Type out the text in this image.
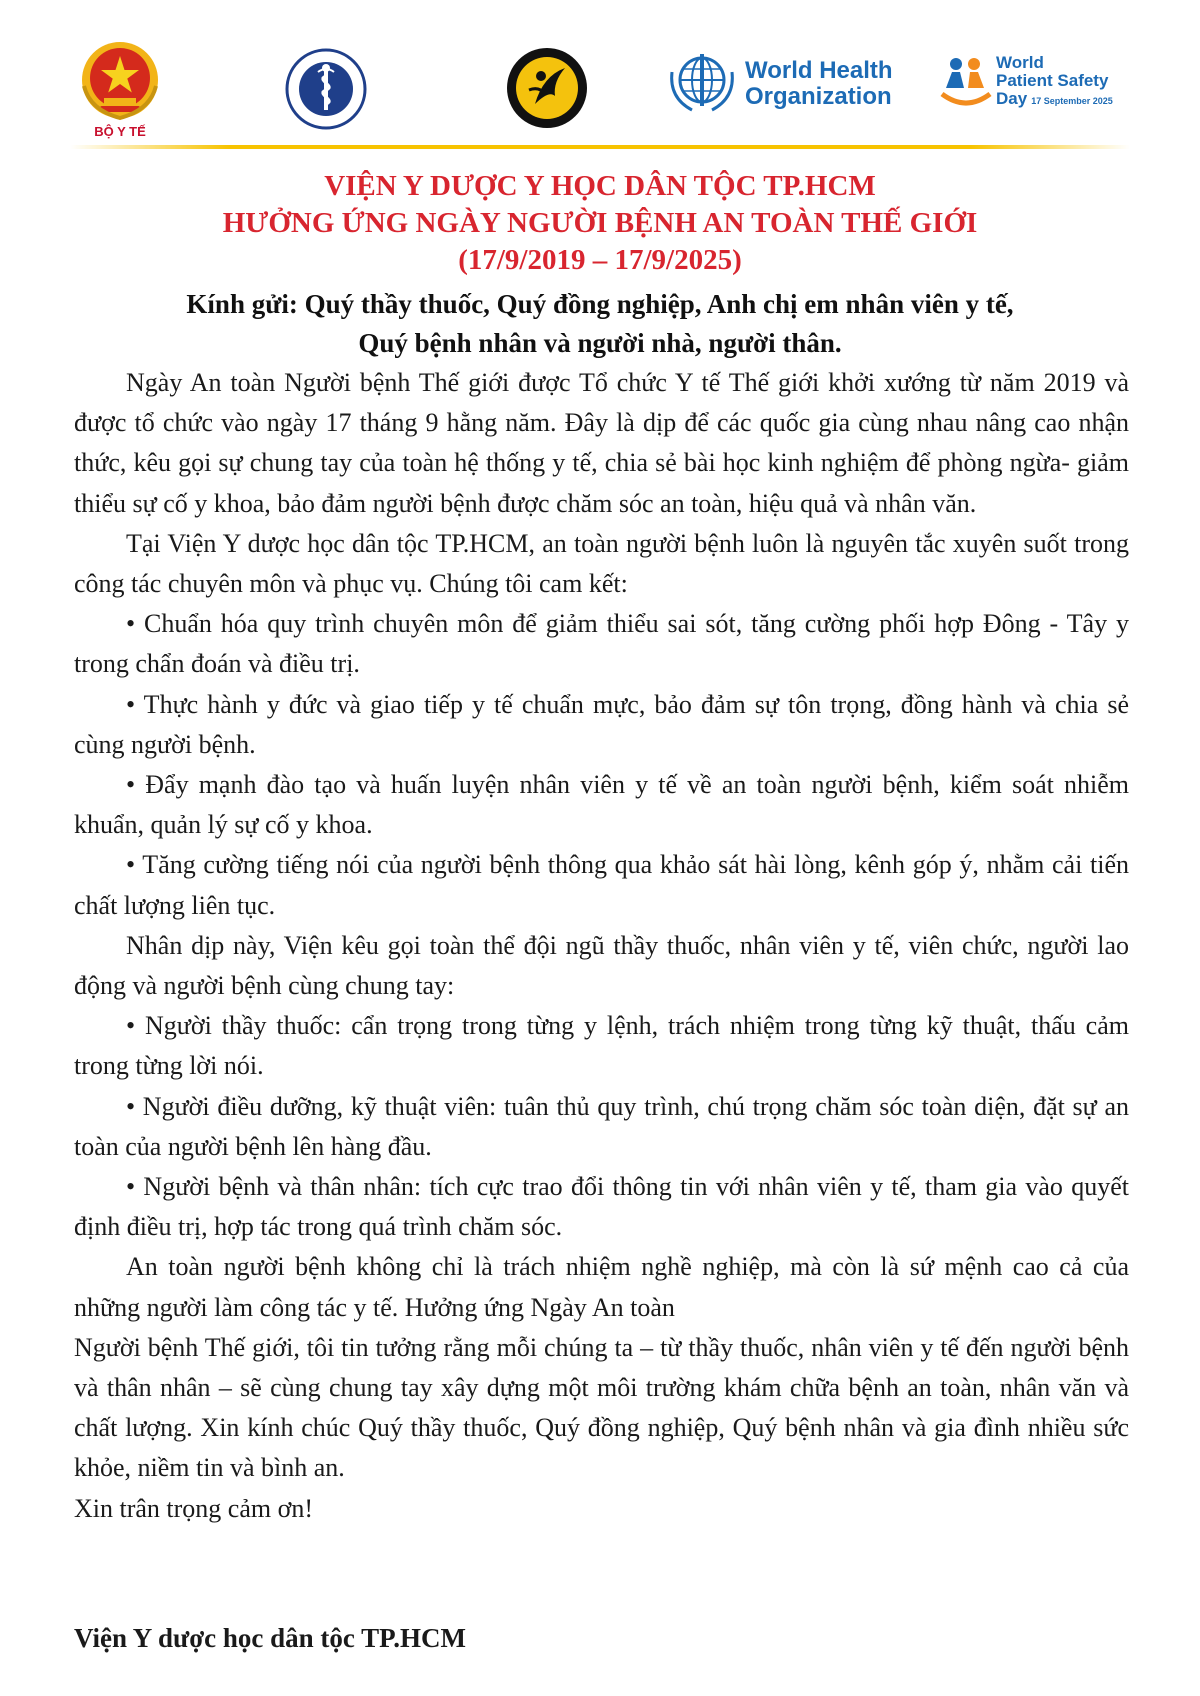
BỘ Y TẾ
World Health
Organization
World
Patient Safety
Day 17 September 2025
VIỆN Y DƯỢC Y HỌC DÂN TỘC TP.HCM
HƯỞNG ỨNG NGÀY NGƯỜI BỆNH AN TOÀN THẾ GIỚI
(17/9/2019 – 17/9/2025)
Kính gửi: Quý thầy thuốc, Quý đồng nghiệp, Anh chị em nhân viên y tế,
Quý bệnh nhân và người nhà, người thân.

Ngày An toàn Người bệnh Thế giới được Tổ chức Y tế Thế giới khởi xướng từ năm 2019 và được tổ chức vào ngày 17 tháng 9 hằng năm. Đây là dịp để các quốc gia cùng nhau nâng cao nhận thức, kêu gọi sự chung tay của toàn hệ thống y tế, chia sẻ bài học kinh nghiệm để phòng ngừa- giảm thiểu sự cố y khoa, bảo đảm người bệnh được chăm sóc an toàn, hiệu quả và nhân văn.

Tại Viện Y dược học dân tộc TP.HCM, an toàn người bệnh luôn là nguyên tắc xuyên suốt trong công tác chuyên môn và phục vụ. Chúng tôi cam kết:

• Chuẩn hóa quy trình chuyên môn để giảm thiểu sai sót, tăng cường phối hợp Đông - Tây y trong chẩn đoán và điều trị.

• Thực hành y đức và giao tiếp y tế chuẩn mực, bảo đảm sự tôn trọng, đồng hành và chia sẻ cùng người bệnh.

• Đẩy mạnh đào tạo và huấn luyện nhân viên y tế về an toàn người bệnh, kiểm soát nhiễm khuẩn, quản lý sự cố y khoa.

• Tăng cường tiếng nói của người bệnh thông qua khảo sát hài lòng, kênh góp ý, nhằm cải tiến chất lượng liên tục.

Nhân dịp này, Viện kêu gọi toàn thể đội ngũ thầy thuốc, nhân viên y tế, viên chức, người lao động và người bệnh cùng chung tay:

• Người thầy thuốc: cẩn trọng trong từng y lệnh, trách nhiệm trong từng kỹ thuật, thấu cảm trong từng lời nói.

• Người điều dưỡng, kỹ thuật viên: tuân thủ quy trình, chú trọng chăm sóc toàn diện, đặt sự an toàn của người bệnh lên hàng đầu.

• Người bệnh và thân nhân: tích cực trao đổi thông tin với nhân viên y tế, tham gia vào quyết định điều trị, hợp tác trong quá trình chăm sóc.

An toàn người bệnh không chỉ là trách nhiệm nghề nghiệp, mà còn là sứ mệnh cao cả của những người làm công tác y tế. Hưởng ứng Ngày An toàn

Người bệnh Thế giới, tôi tin tưởng rằng mỗi chúng ta – từ thầy thuốc, nhân viên y tế đến người bệnh và thân nhân – sẽ cùng chung tay xây dựng một môi trường khám chữa bệnh an toàn, nhân văn và chất lượng. Xin kính chúc Quý thầy thuốc, Quý đồng nghiệp, Quý bệnh nhân và gia đình nhiều sức khỏe, niềm tin và bình an.

Xin trân trọng cảm ơn!

Viện Y dược học dân tộc TP.HCM
